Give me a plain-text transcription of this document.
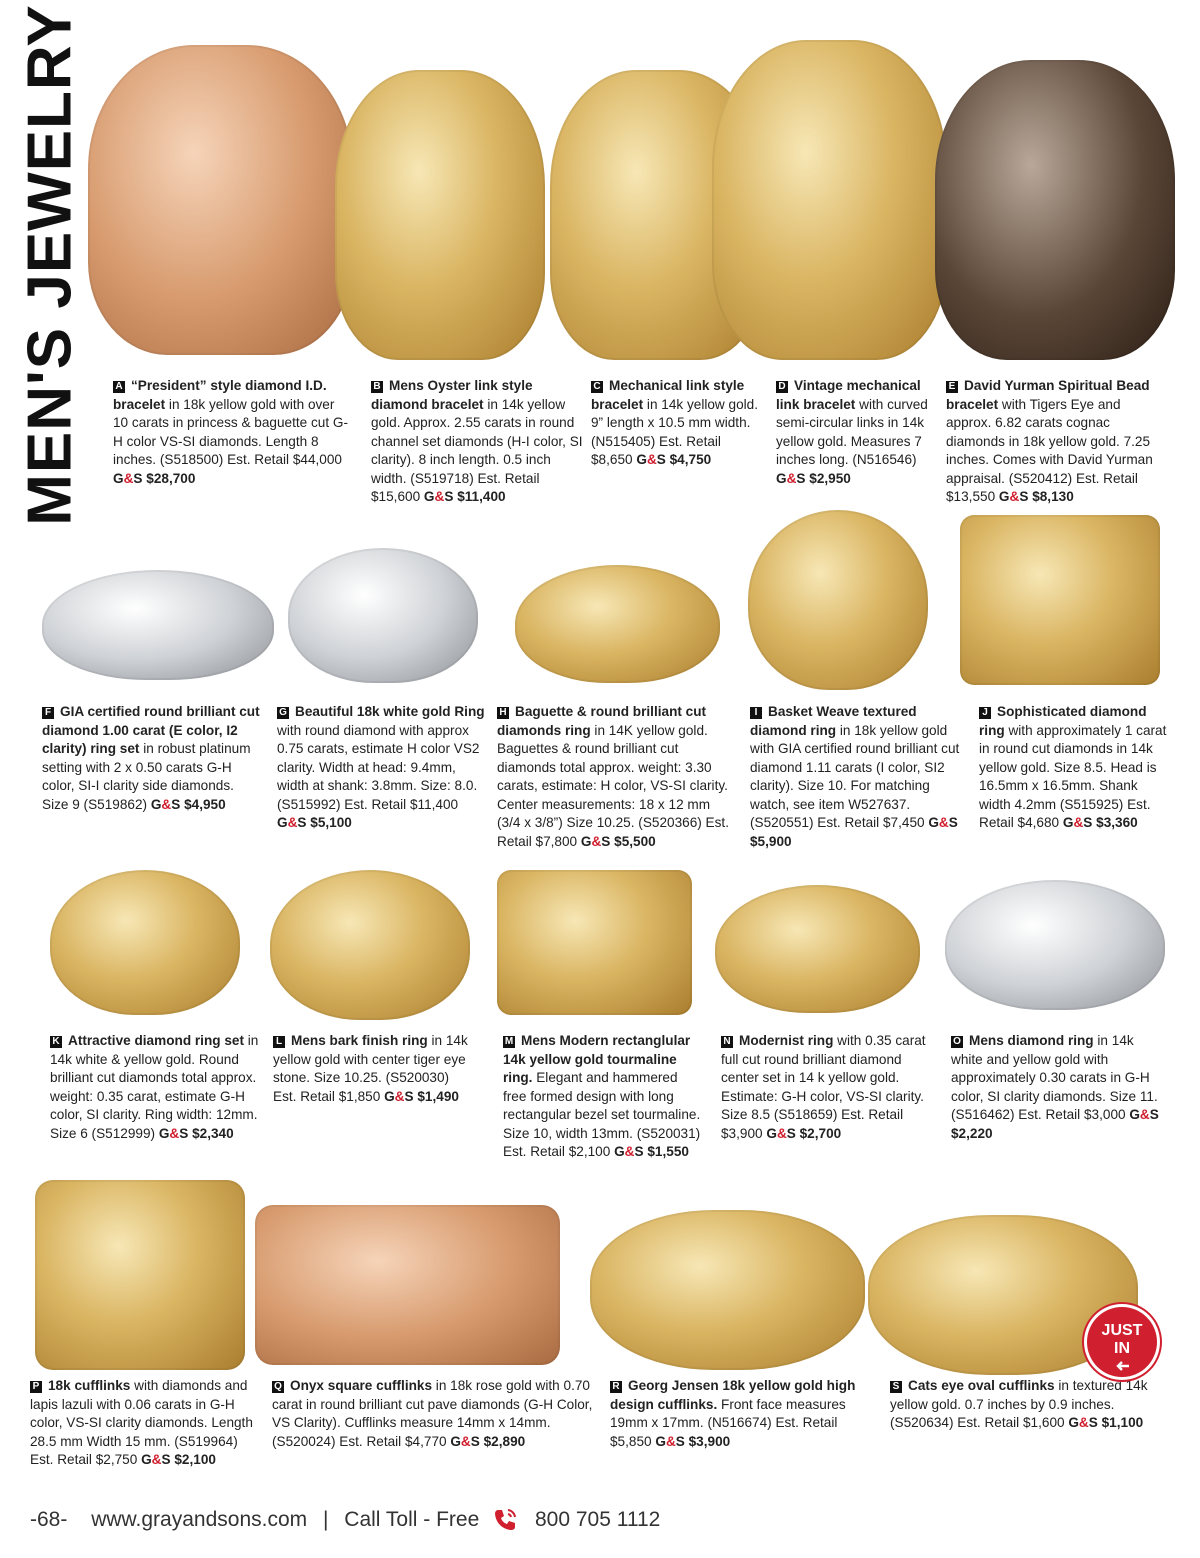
MEN'S JEWELRY	A “President” style diamond I.D. bracelet in 18k yellow gold with over 10 carats in princess & baguette cut G-H color VS-SI diamonds. Length 8 inches. (S518500) Est. Retail $44,000 G&S $28,700
B Mens Oyster link style diamond bracelet in 14k yellow gold. Approx. 2.55 carats in round channel set diamonds (H-I color, SI clarity). 8 inch length. 0.5 inch width. (S519718) Est. Retail $15,600 G&S $11,400
C Mechanical link style bracelet in 14k yellow gold. 9” length x 10.5 mm width. (N515405) Est. Retail $8,650 G&S $4,750
D Vintage mechanical link bracelet with curved semi-circular links in 14k yellow gold. Measures 7 inches long. (N516546) G&S $2,950
E David Yurman Spiritual Bead bracelet with Tigers Eye and approx. 6.82 carats cognac diamonds in 18k yellow gold. 7.25 inches. Comes with David Yurman appraisal. (S520412) Est. Retail $13,550 G&S $8,130
F GIA certified round brilliant cut diamond 1.00 carat (E color, I2 clarity) ring set in robust platinum setting with 2 x 0.50 carats G-H color, SI-I clarity side diamonds. Size 9 (S519862) G&S $4,950
G Beautiful 18k white gold Ring with round diamond with approx 0.75 carats, estimate H color VS2 clarity. Width at head: 9.4mm, width at shank: 3.8mm. Size: 8.0. (S515992) Est. Retail $11,400 G&S $5,100
H Baguette & round brilliant cut diamonds ring in 14K yellow gold. Baguettes & round brilliant cut diamonds total approx. weight: 3.30 carats, estimate: H color, VS-SI clarity. Center measurements: 18 x 12 mm (3/4 x 3/8”) Size 10.25. (S520366) Est. Retail $7,800 G&S $5,500
I Basket Weave textured diamond ring in 18k yellow gold with GIA certified round brilliant cut diamond 1.11 carats (I color, SI2 clarity). Size 10. For matching watch, see item W527637. (S520551) Est. Retail $7,450 G&S $5,900
J Sophisticated diamond ring with approximately 1 carat in round cut diamonds in 14k yellow gold. Size 8.5. Head is 16.5mm x 16.5mm. Shank width 4.2mm (S515925) Est. Retail $4,680 G&S $3,360
K Attractive diamond ring set in 14k white & yellow gold. Round brilliant cut diamonds total approx. weight: 0.35 carat, estimate G-H color, SI clarity. Ring width: 12mm. Size 6 (S512999) G&S $2,340
L Mens bark finish ring in 14k yellow gold with center tiger eye stone. Size 10.25. (S520030) Est. Retail $1,850 G&S $1,490
M Mens Modern rectanglular 14k yellow gold tourmaline ring. Elegant and hammered free formed design with long rectangular bezel set tourmaline. Size 10, width 13mm. (S520031) Est. Retail $2,100 G&S $1,550
N Modernist ring with 0.35 carat full cut round brilliant diamond center set in 14 k yellow gold. Estimate: G-H color, VS-SI clarity. Size 8.5 (S518659) Est. Retail $3,900 G&S $2,700
O Mens diamond ring in 14k white and yellow gold with approximately 0.30 carats in G-H color, SI clarity diamonds. Size 11. (S516462) Est. Retail $3,000 G&S $2,220
P 18k cufflinks with diamonds and lapis lazuli with 0.06 carats in G-H color, VS-SI clarity diamonds. Length 28.5 mm Width 15 mm. (S519964) Est. Retail $2,750 G&S $2,100
Q Onyx square cufflinks in 18k rose gold with 0.70 carat in round brilliant cut pave diamonds (G-H Color, VS Clarity). Cufflinks measure 14mm x 14mm. (S520024) Est. Retail $4,770 G&S $2,890
R Georg Jensen 18k yellow gold high design cufflinks. Front face measures 19mm x 17mm. (N516674) Est. Retail $5,850 G&S $3,900
S Cats eye oval cufflinks in textured 14k yellow gold. 0.7 inches by 0.9 inches. (S520634) Est. Retail $1,600 G&S $1,100
JUST
IN
-68- www.grayandsons.com | Call Toll - Free	800 705 1112
